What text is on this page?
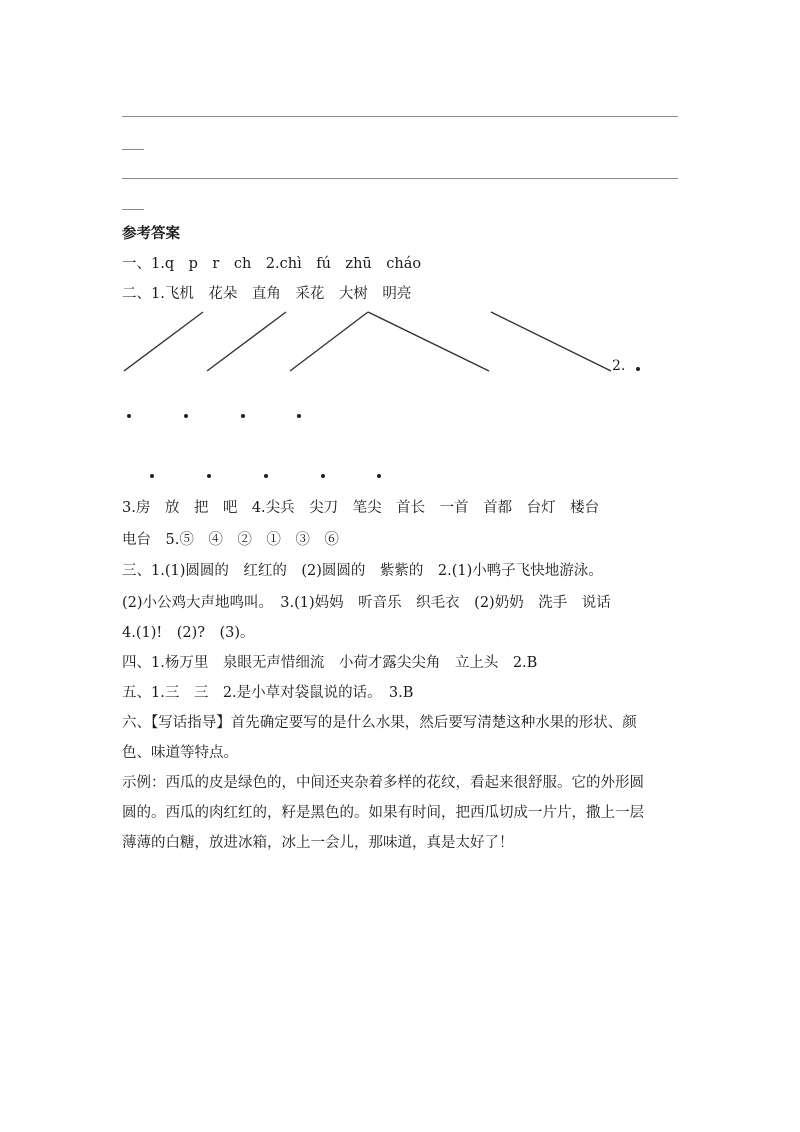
参考答案
一、1.q　p　r　ch　2.chì　fú　zhū　cháo
二、1.飞机　花朵　直角　采花　大树　明亮
2.
3.房　放　把　吧　4.尖兵　尖刀　笔尖　首长　一首　首都　台灯　楼台
电台　5.⑤　④　②　①　③　⑥
三、1.(1)圆圆的　红红的　(2)圆圆的　紫紫的　2.(1)小鸭子飞快地游泳。
(2)小公鸡大声地鸣叫。　3.(1)妈妈　听音乐　织毛衣　(2)奶奶　洗手　说话
4.(1)!　(2)?　(3)。
四、1.杨万里　泉眼无声惜细流　小荷才露尖尖角　立上头　2.B
五、1.三　三　2.是小草对袋鼠说的话。　3.B
六、【写话指导】首先确定要写的是什么水果，然后要写清楚这种水果的形状、颜
色、味道等特点。
示例：西瓜的皮是绿色的，中间还夹杂着多样的花纹，看起来很舒服。它的外形圆
圆的。西瓜的肉红红的，籽是黑色的。如果有时间，把西瓜切成一片片，撒上一层
薄薄的白糖，放进冰箱，冰上一会儿，那味道，真是太好了！
